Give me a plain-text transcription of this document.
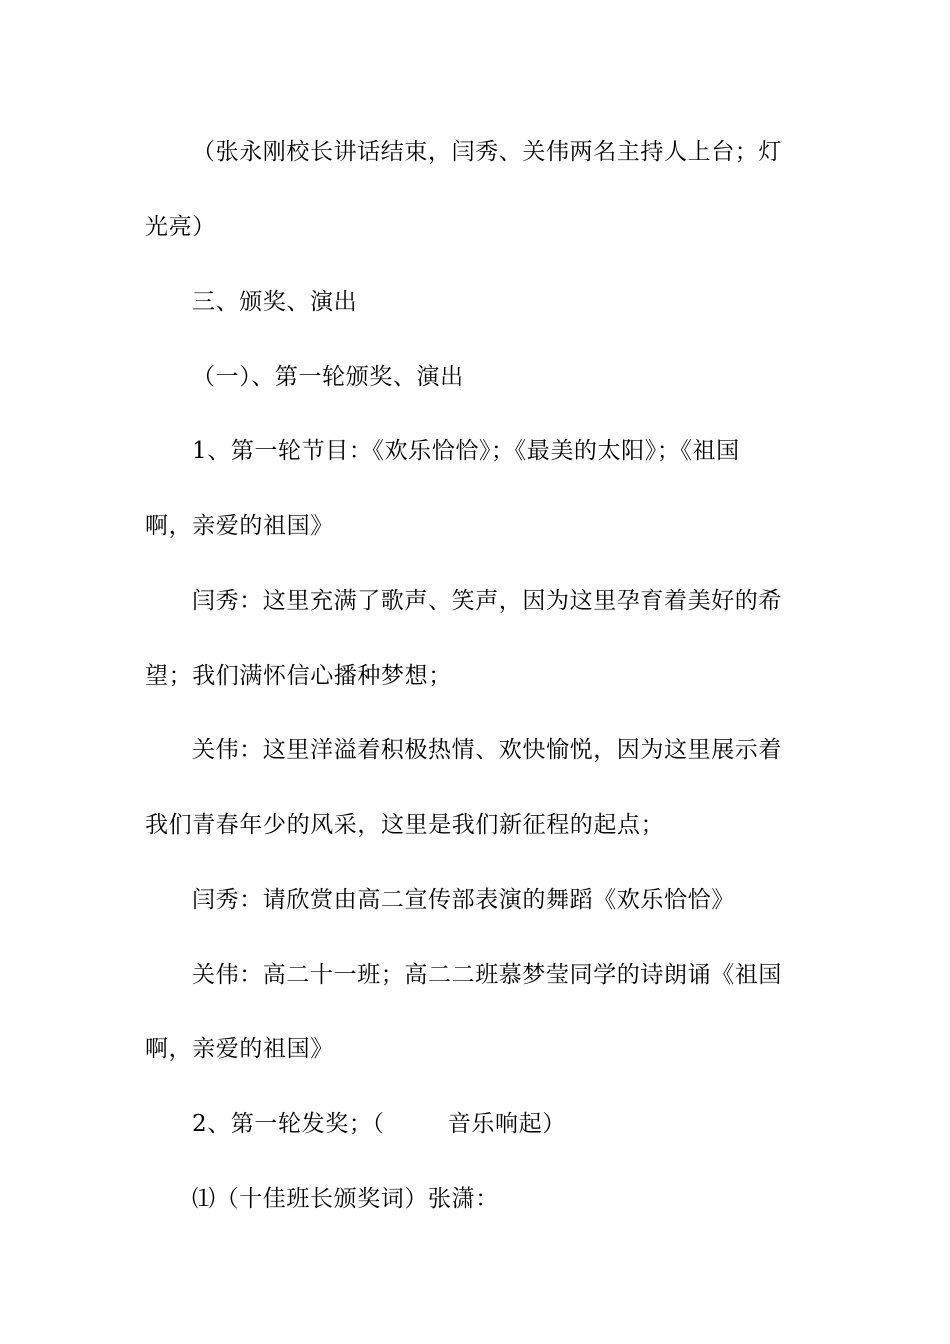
（张永刚校长讲话结束，闫秀、关伟两名主持人上台；灯
光亮）
三、颁奖、演出
（一）、第一轮颁奖、演出
1、第一轮节目：《欢乐恰恰》；《最美的太阳》；《祖国
啊，亲爱的祖国》
闫秀：这里充满了歌声、笑声，因为这里孕育着美好的希
望；我们满怀信心播种梦想；
关伟：这里洋溢着积极热情、欢快愉悦，因为这里展示着
我们青春年少的风采，这里是我们新征程的起点；
闫秀：请欣赏由高二宣传部表演的舞蹈《欢乐恰恰》
关伟：高二十一班；高二二班慕梦莹同学的诗朗诵《祖国
啊，亲爱的祖国》
2、第一轮发奖；（        音乐响起）
⑴（十佳班长颁奖词）张潇：
